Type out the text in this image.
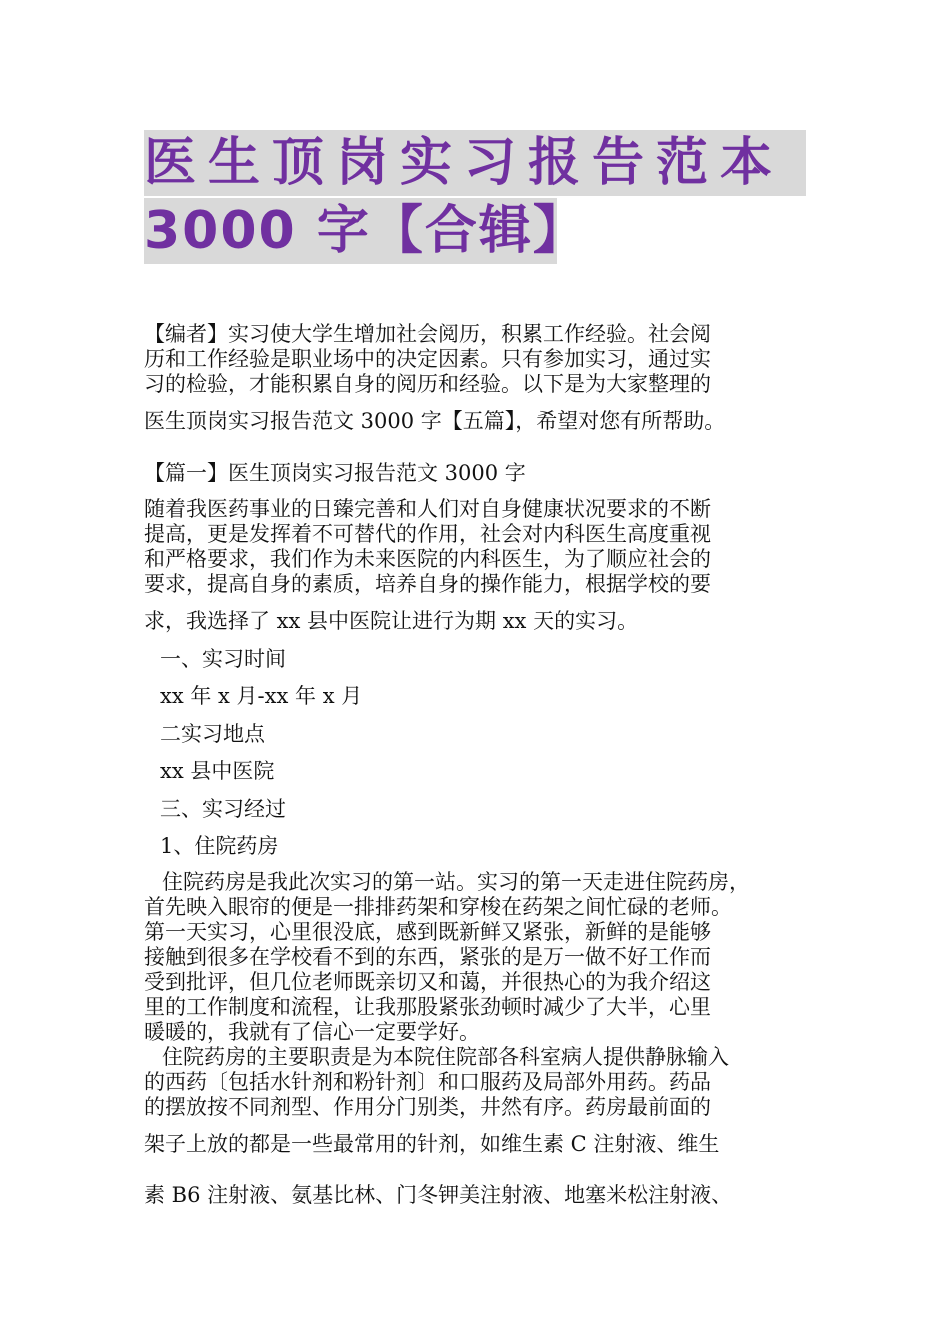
医生顶岗实习报告范本
3000 字【合辑】
【编者】实习使大学生增加社会阅历，积累工作经验。社会阅
历和工作经验是职业场中的决定因素。只有参加实习，通过实
习的检验，才能积累自身的阅历和经验。以下是为大家整理的
医生顶岗实习报告范文 3000 字【五篇】，希望对您有所帮助。
【篇一】医生顶岗实习报告范文 3000 字
随着我医药事业的日臻完善和人们对自身健康状况要求的不断
提高，更是发挥着不可替代的作用，社会对内科医生高度重视
和严格要求，我们作为未来医院的内科医生，为了顺应社会的
要求，提高自身的素质，培养自身的操作能力，根据学校的要
求，我选择了 xx 县中医院让进行为期 xx 天的实习。
一、实习时间
xx 年 x 月-xx 年 x 月
二实习地点
xx 县中医院
三、实习经过
1、住院药房
住院药房是我此次实习的第一站。实习的第一天走进住院药房，
首先映入眼帘的便是一排排药架和穿梭在药架之间忙碌的老师。
第一天实习，心里很没底，感到既新鲜又紧张，新鲜的是能够
接触到很多在学校看不到的东西，紧张的是万一做不好工作而
受到批评，但几位老师既亲切又和蔼，并很热心的为我介绍这
里的工作制度和流程，让我那股紧张劲顿时减少了大半，心里
暖暖的，我就有了信心一定要学好。
住院药房的主要职责是为本院住院部各科室病人提供静脉输入
的西药〔包括水针剂和粉针剂〕和口服药及局部外用药。药品
的摆放按不同剂型、作用分门别类，井然有序。药房最前面的
架子上放的都是一些最常用的针剂，如维生素 C 注射液、维生
素 B6 注射液、氨基比林、门冬钾美注射液、地塞米松注射液、
